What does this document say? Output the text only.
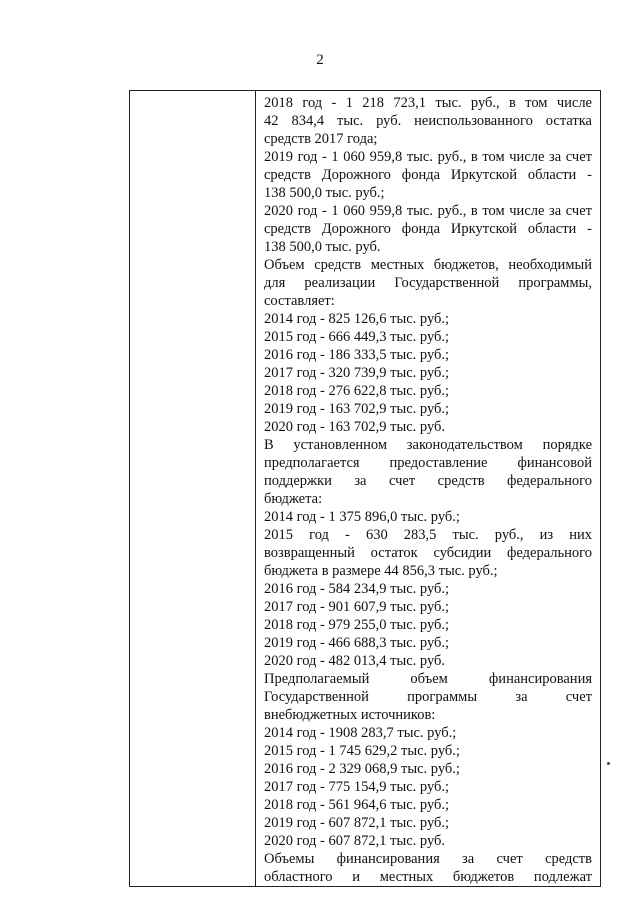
2

2018 год - 1 218 723,1 тыс. руб., в том числе
42 834,4 тыс. руб. неиспользованного остатка
средств 2017 года;
2019 год - 1 060 959,8 тыс. руб., в том числе за счет
средств Дорожного фонда Иркутской области -
138 500,0 тыс. руб.;
2020 год - 1 060 959,8 тыс. руб., в том числе за счет
средств Дорожного фонда Иркутской области -
138 500,0 тыс. руб.
Объем средств местных бюджетов, необходимый
для реализации Государственной программы,
составляет:
2014 год - 825 126,6 тыс. руб.;
2015 год - 666 449,3 тыс. руб.;
2016 год - 186 333,5 тыс. руб.;
2017 год - 320 739,9 тыс. руб.;
2018 год - 276 622,8 тыс. руб.;
2019 год - 163 702,9 тыс. руб.;
2020 год - 163 702,9 тыс. руб.
В установленном законодательством порядке
предполагается предоставление финансовой
поддержки за счет средств федерального
бюджета:
2014 год - 1 375 896,0 тыс. руб.;
2015 год - 630 283,5 тыс. руб., из них
возвращенный остаток субсидии федерального
бюджета в размере 44 856,3 тыс. руб.;
2016 год - 584 234,9 тыс. руб.;
2017 год - 901 607,9 тыс. руб.;
2018 год - 979 255,0 тыс. руб.;
2019 год - 466 688,3 тыс. руб.;
2020 год - 482 013,4 тыс. руб.
Предполагаемый объем финансирования
Государственной программы за счет
внебюджетных источников:
2014 год - 1908 283,7 тыс. руб.;
2015 год - 1 745 629,2 тыс. руб.;
2016 год - 2 329 068,9 тыс. руб.;
2017 год - 775 154,9 тыс. руб.;
2018 год - 561 964,6 тыс. руб.;
2019 год - 607 872,1 тыс. руб.;
2020 год - 607 872,1 тыс. руб.
Объемы финансирования за счет средств
областного и местных бюджетов подлежат
